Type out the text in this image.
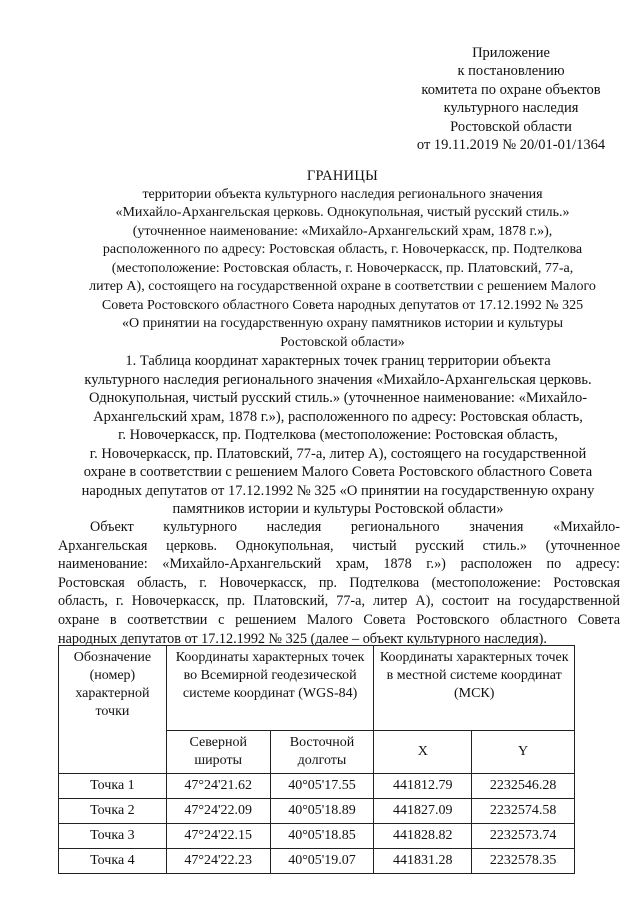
Приложение
к постановлению
комитета по охране объектов
культурного наследия
Ростовской области
от 19.11.2019 № 20/01-01/1364
ГРАНИЦЫ
территории объекта культурного наследия регионального значения
«Михайло-Архангельская церковь. Однокупольная, чистый русский стиль.»
(уточненное наименование: «Михайло-Архангельский храм, 1878 г.»),
расположенного по адресу: Ростовская область, г. Новочеркасск, пр. Подтелкова
(местоположение: Ростовская область, г. Новочеркасск, пр. Платовский, 77-а,
литер А), состоящего на государственной охране в соответствии с решением Малого
Совета Ростовского областного Совета народных депутатов от 17.12.1992 № 325
«О принятии на государственную охрану памятников истории и культуры
Ростовской области»
1. Таблица координат характерных точек границ территории объекта
культурного наследия регионального значения «Михайло-Архангельская церковь.
Однокупольная, чистый русский стиль.» (уточненное наименование: «Михайло-
Архангельский храм, 1878 г.»), расположенного по адресу: Ростовская область,
г. Новочеркасск, пр. Подтелкова (местоположение: Ростовская область,
г. Новочеркасск, пр. Платовский, 77-а, литер А), состоящего на государственной
охране в соответствии с решением Малого Совета Ростовского областного Совета
народных депутатов от 17.12.1992 № 325 «О принятии на государственную охрану
памятников истории и культуры Ростовской области»
Объект культурного наследия регионального значения «Михайло-
Архангельская церковь. Однокупольная, чистый русский стиль.» (уточненное
наименование: «Михайло-Архангельский храм, 1878 г.») расположен по адресу:
Ростовская область, г. Новочеркасск, пр. Подтелкова (местоположение: Ростовская
область, г. Новочеркасск, пр. Платовский, 77-а, литер А), состоит на государственной
охране в соответствии с решением Малого Совета Ростовского областного Совета
народных депутатов от 17.12.1992 № 325 (далее – объект культурного наследия).
Обозначение (номер) характерной точки	Координаты характерных точек во Всемирной геодезической системе координат (WGS-84)		Координаты характерных точек в местной системе координат (МСК)	
	Северной широты	Восточной долготы	X	Y
Точка 1	47°24'21.62	40°05'17.55	441812.79	2232546.28
Точка 2	47°24'22.09	40°05'18.89	441827.09	2232574.58
Точка 3	47°24'22.15	40°05'18.85	441828.82	2232573.74
Точка 4	47°24'22.23	40°05'19.07	441831.28	2232578.35
